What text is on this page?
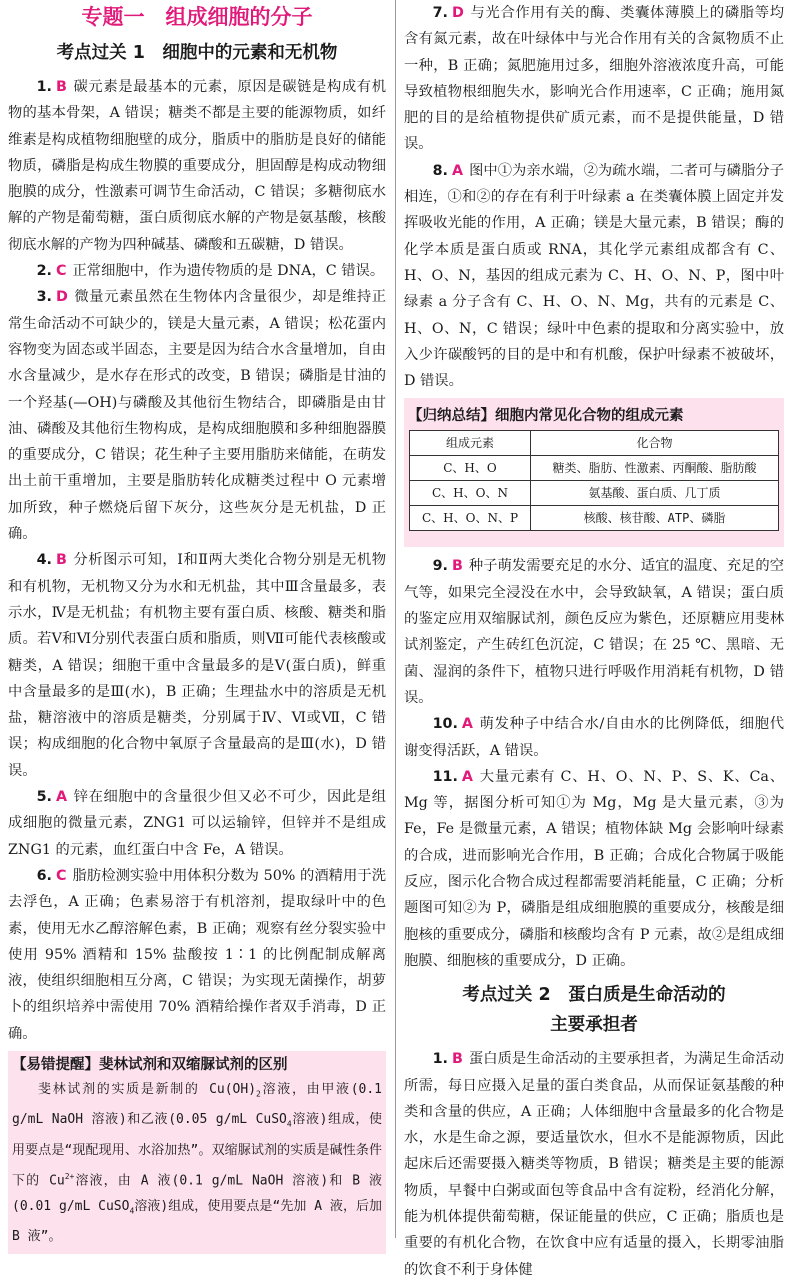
专题一　组成细胞的分子
考点过关 1　细胞中的元素和无机物

1. B 碳元素是最基本的元素，原因是碳链是构成有机物的基本骨架，A 错误；糖类不都是主要的能源物质，如纤维素是构成植物细胞壁的成分，脂质中的脂肪是良好的储能物质，磷脂是构成生物膜的重要成分，胆固醇是构成动物细胞膜的成分，性激素可调节生命活动，C 错误；多糖彻底水解的产物是葡萄糖，蛋白质彻底水解的产物是氨基酸，核酸彻底水解的产物为四种碱基、磷酸和五碳糖，D 错误。

2. C 正常细胞中，作为遗传物质的是 DNA，C 错误。

3. D 微量元素虽然在生物体内含量很少，却是维持正常生命活动不可缺少的，镁是大量元素，A 错误；松花蛋内容物变为固态或半固态，主要是因为结合水含量增加，自由水含量减少，是水存在形式的改变，B 错误；磷脂是甘油的一个羟基(—OH)与磷酸及其他衍生物结合，即磷脂是由甘油、磷酸及其他衍生物构成，是构成细胞膜和多种细胞器膜的重要成分，C 错误；花生种子主要用脂肪来储能，在萌发出土前干重增加，主要是脂肪转化成糖类过程中 O 元素增加所致，种子燃烧后留下灰分，这些灰分是无机盐，D 正确。

4. B 分析图示可知，Ⅰ和Ⅱ两大类化合物分别是无机物和有机物，无机物又分为水和无机盐，其中Ⅲ含量最多，表示水，Ⅳ是无机盐；有机物主要有蛋白质、核酸、糖类和脂质。若Ⅴ和Ⅵ分别代表蛋白质和脂质，则Ⅶ可能代表核酸或糖类，A 错误；细胞干重中含量最多的是Ⅴ(蛋白质)，鲜重中含量最多的是Ⅲ(水)，B 正确；生理盐水中的溶质是无机盐，糖溶液中的溶质是糖类，分别属于Ⅳ、Ⅵ或Ⅶ，C 错误；构成细胞的化合物中氧原子含量最高的是Ⅲ(水)，D 错误。

5. A 锌在细胞中的含量很少但又必不可少，因此是组成细胞的微量元素，ZNG1 可以运输锌，但锌并不是组成 ZNG1 的元素，血红蛋白中含 Fe，A 错误。

6. C 脂肪检测实验中用体积分数为 50% 的酒精用于洗去浮色，A 正确；色素易溶于有机溶剂，提取绿叶中的色素，使用无水乙醇溶解色素，B 正确；观察有丝分裂实验中使用 95% 酒精和 15% 盐酸按 1∶1 的比例配制成解离液，使组织细胞相互分离，C 错误；为实现无菌操作，胡萝卜的组织培养中需使用 70% 酒精给操作者双手消毒，D 正确。

【易错提醒】斐林试剂和双缩脲试剂的区别
斐林试剂的实质是新制的 $Cu(OH)_2$溶液，由甲液(0.1 g/mL NaOH 溶液)和乙液(0.05 g/mL CuSO$_4$溶液)组成，使用要点是“现配现用、水浴加热”。双缩脲试剂的实质是碱性条件下的 $Cu^{2+}$溶液，由 A 液(0.1 g/mL NaOH 溶液)和 B 液(0.01 g/mL CuSO$_4$溶液)组成，使用要点是“先加 A 液，后加 B 液”。

7. D 与光合作用有关的酶、类囊体薄膜上的磷脂等均含有氮元素，故在叶绿体中与光合作用有关的含氮物质不止一种，B 正确；氮肥施用过多，细胞外溶液浓度升高，可能导致植物根细胞失水，影响光合作用速率，C 正确；施用氮肥的目的是给植物提供矿质元素，而不是提供能量，D 错误。

8. A 图中①为亲水端，②为疏水端，二者可与磷脂分子相连，①和②的存在有利于叶绿素 a 在类囊体膜上固定并发挥吸收光能的作用，A 正确；镁是大量元素，B 错误；酶的化学本质是蛋白质或 RNA，其化学元素组成都含有 C、H、O、N，基因的组成元素为 C、H、O、N、P，图中叶绿素 a 分子含有 C、H、O、N、Mg，共有的元素是 C、H、O、N，C 错误；绿叶中色素的提取和分离实验中，放入少许碳酸钙的目的是中和有机酸，保护叶绿素不被破坏，D 错误。

【归纳总结】细胞内常见化合物的组成元素
组成元素	化合物
C、H、O	糖类、脂肪、性激素、丙酮酸、脂肪酸
C、H、O、N	氨基酸、蛋白质、几丁质
C、H、O、N、P	核酸、核苷酸、ATP、磷脂

9. B 种子萌发需要充足的水分、适宜的温度、充足的空气等，如果完全浸没在水中，会导致缺氧，A 错误；蛋白质的鉴定应用双缩脲试剂，颜色反应为紫色，还原糖应用斐林试剂鉴定，产生砖红色沉淀，C 错误；在 25 ℃、黑暗、无菌、湿润的条件下，植物只进行呼吸作用消耗有机物，D 错误。

10. A 萌发种子中结合水/自由水的比例降低，细胞代谢变得活跃，A 错误。

11. A 大量元素有 C、H、O、N、P、S、K、Ca、Mg 等，据图分析可知①为 Mg，Mg 是大量元素，③为 Fe，Fe 是微量元素，A 错误；植物体缺 Mg 会影响叶绿素的合成，进而影响光合作用，B 正确；合成化合物属于吸能反应，图示化合物合成过程都需要消耗能量，C 正确；分析题图可知②为 P，磷脂是组成细胞膜的重要成分，核酸是细胞核的重要成分，磷脂和核酸均含有 P 元素，故②是组成细胞膜、细胞核的重要成分，D 正确。

考点过关 2　蛋白质是生命活动的
主要承担者

1. B 蛋白质是生命活动的主要承担者，为满足生命活动所需，每日应摄入足量的蛋白类食品，从而保证氨基酸的种类和含量的供应，A 正确；人体细胞中含量最多的化合物是水，水是生命之源，要适量饮水，但水不是能源物质，因此起床后还需要摄入糖类等物质，B 错误；糖类是主要的能源物质，早餐中白粥或面包等食品中含有淀粉，经消化分解，能为机体提供葡萄糖，保证能量的供应，C 正确；脂质也是重要的有机化合物，在饮食中应有适量的摄入，长期零油脂的饮食不利于身体健
